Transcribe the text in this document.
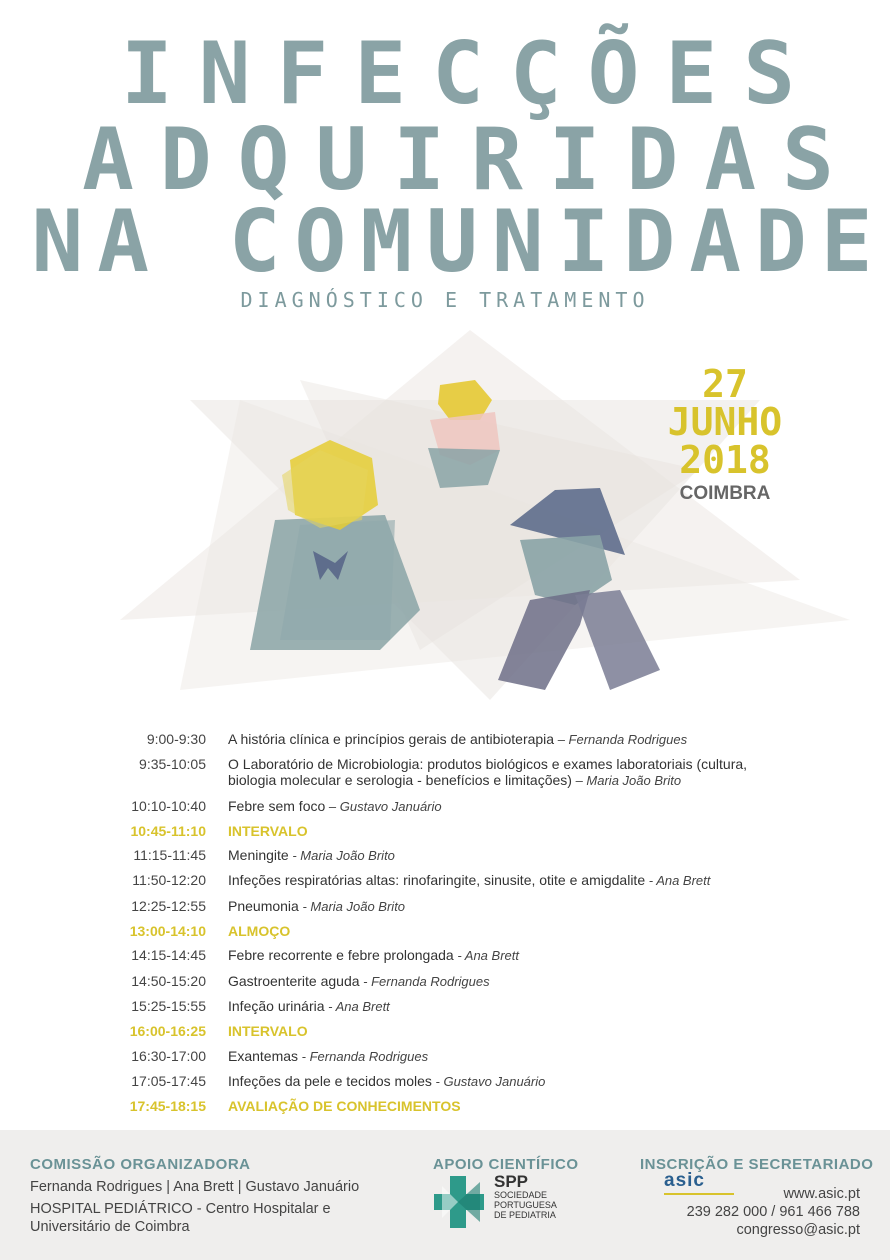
INFECÇÕES
ADQUIRIDAS
NA COMUNIDADE
DIAGNÓSTICO E TRATAMENTO
27
JUNHO
2018
COIMBRA
9:00-9:30 A história clínica e princípios gerais de antibioterapia – Fernanda Rodrigues
9:35-10:05 O Laboratório de Microbiologia: produtos biológicos e exames laboratoriais (cultura, biologia molecular e serologia - benefícios e limitações) – Maria João Brito
10:10-10:40 Febre sem foco – Gustavo Januário
10:45-11:10 INTERVALO
11:15-11:45 Meningite - Maria João Brito
11:50-12:20 Infeções respiratórias altas: rinofaringite, sinusite, otite e amigdalite - Ana Brett
12:25-12:55 Pneumonia - Maria João Brito
13:00-14:10 ALMOÇO
14:15-14:45 Febre recorrente e febre prolongada - Ana Brett
14:50-15:20 Gastroenterite aguda - Fernanda Rodrigues
15:25-15:55 Infeção urinária - Ana Brett
16:00-16:25 INTERVALO
16:30-17:00 Exantemas - Fernanda Rodrigues
17:05-17:45 Infeções da pele e tecidos moles - Gustavo Januário
17:45-18:15 AVALIAÇÃO DE CONHECIMENTOS
COMISSÃO ORGANIZADORA
Fernanda Rodrigues | Ana Brett | Gustavo Januário
HOSPITAL PEDIÁTRICO - Centro Hospitalar e
Universitário de Coimbra
APOIO CIENTÍFICO
SPP
SOCIEDADE
PORTUGUESA
DE PEDIATRIA
INSCRIÇÃO E SECRETARIADO
asic
www.asic.pt
239 282 000 / 961 466 788
congresso@asic.pt
